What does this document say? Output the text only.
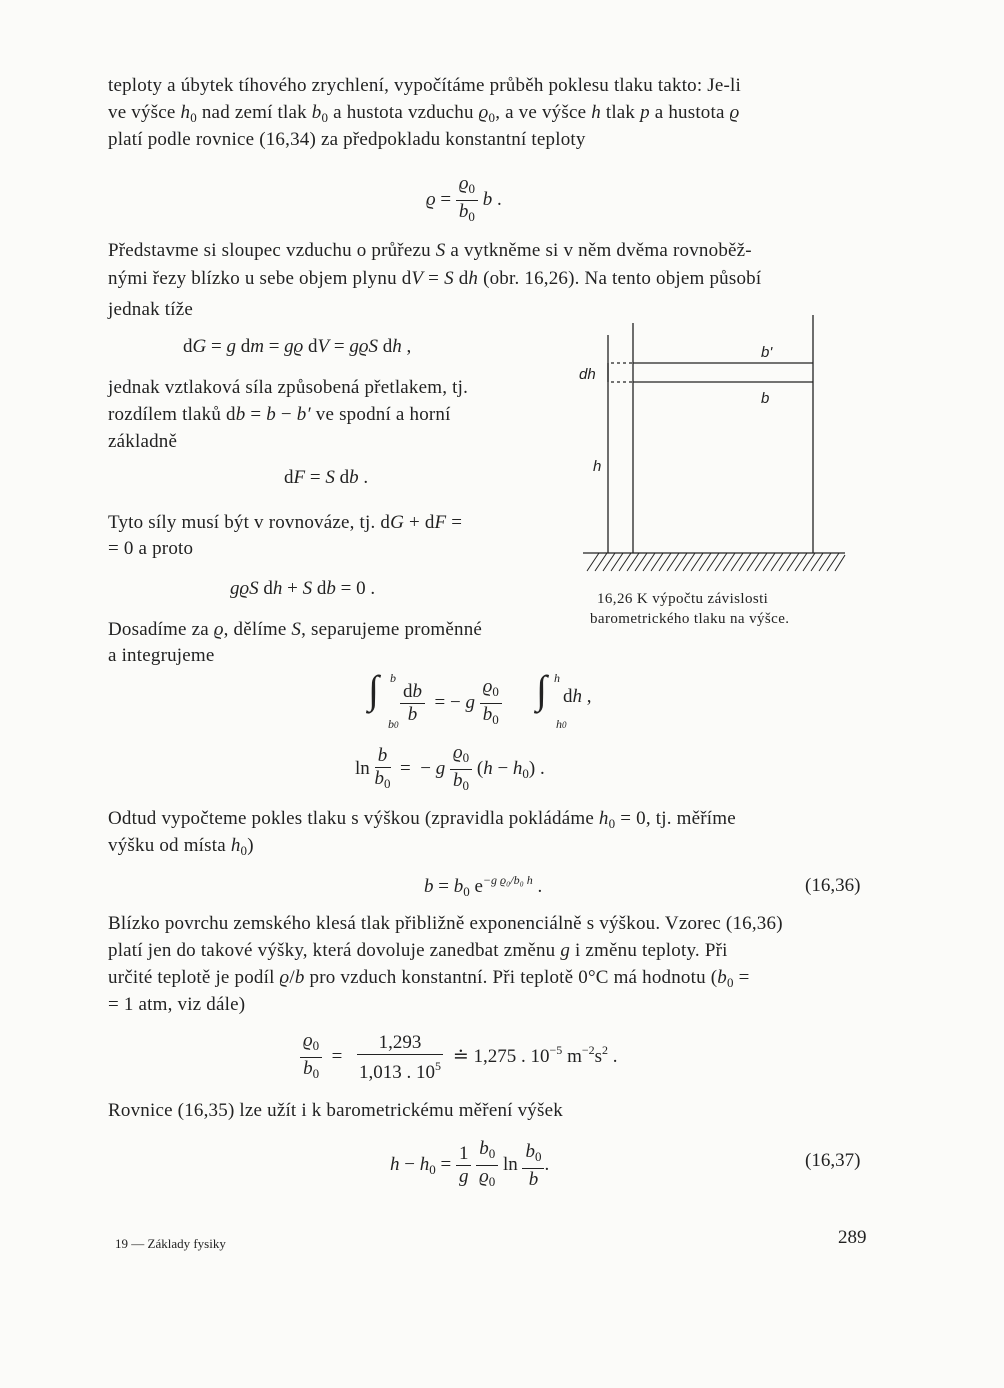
teploty a úbytek tíhového zrychlení, vypočítáme průběh poklesu tlaku takto: Je-li
ve výšce $h_0$ nad zemí tlak $b_0$ a hustota vzduchu $ϱ_0$, a ve výšce h tlak p a hustota ϱ
platí podle rovnice (16,34) za předpokladu konstantní teploty
$ϱ = \frac{ϱ_0}{b_0}$ b .
Představme si sloupec vzduchu o průřezu S a vytkněme si v něm dvěma rovnoběž-
nými řezy blízko u sebe objem plynu dV = S dh (obr. 16,26). Na tento objem působí
jednak tíže
dG = g dm = gϱ dV = gϱS dh ,
jednak vztlaková síla způsobená přetlakem, tj.
rozdílem tlaků db = b − b′ ve spodní a horní
základně
dF = S db .
Tyto síly musí být v rovnováze, tj. dG + dF =
= 0 a proto
gϱS dh + S db = 0 .
Dosadíme za ϱ, dělíme S, separujeme proměnné
a integrujeme
∫ b
$b0 \frac{db}{b}$ = − g $\frac{ϱ_0}{b_0}$ ∫ h
h0
dh ,
$\ln \frac{b}{b_0}$ =  − g $\frac{ϱ_0}{b_0} (h - h_0)$ .
Odtud vypočteme pokles tlaku s výškou (zpravidla pokládáme $h_0 = 0$, tj. měříme
výšku od místa $h_0$)
$b = b_0$ $e^{-g ϱ_0/b_0 h}$ .	(16,36)
Blízko povrchu zemského klesá tlak přibližně exponenciálně s výškou. Vzorec (16,36)
platí jen do takové výšky, která dovoluje zanedbat změnu g i změnu teploty. Při
určité teplotě je podíl ϱ/b pro vzduch konstantní. Při teplotě 0°C má hodnotu ($b_0$ =
= 1 atm, viz dále)
$\frac{ϱ_0}{b_0} = \frac{1,293}{1,013 . 10^5}$ ≐ 1,275 . $10^{-5}$ $m^{-2}s^2$ .
Rovnice (16,35) lze užít i k barometrickému měření výšek
$h - h_0 = \frac{1}{g}$
$\frac{b_0}{ϱ_0}$ $\ln \frac{b_0}{b}$ .	(16,37)
dh
h
b'
b
16,26 K výpočtu závislosti
barometrického tlaku na výšce.
19 — Základy fysiky	289
